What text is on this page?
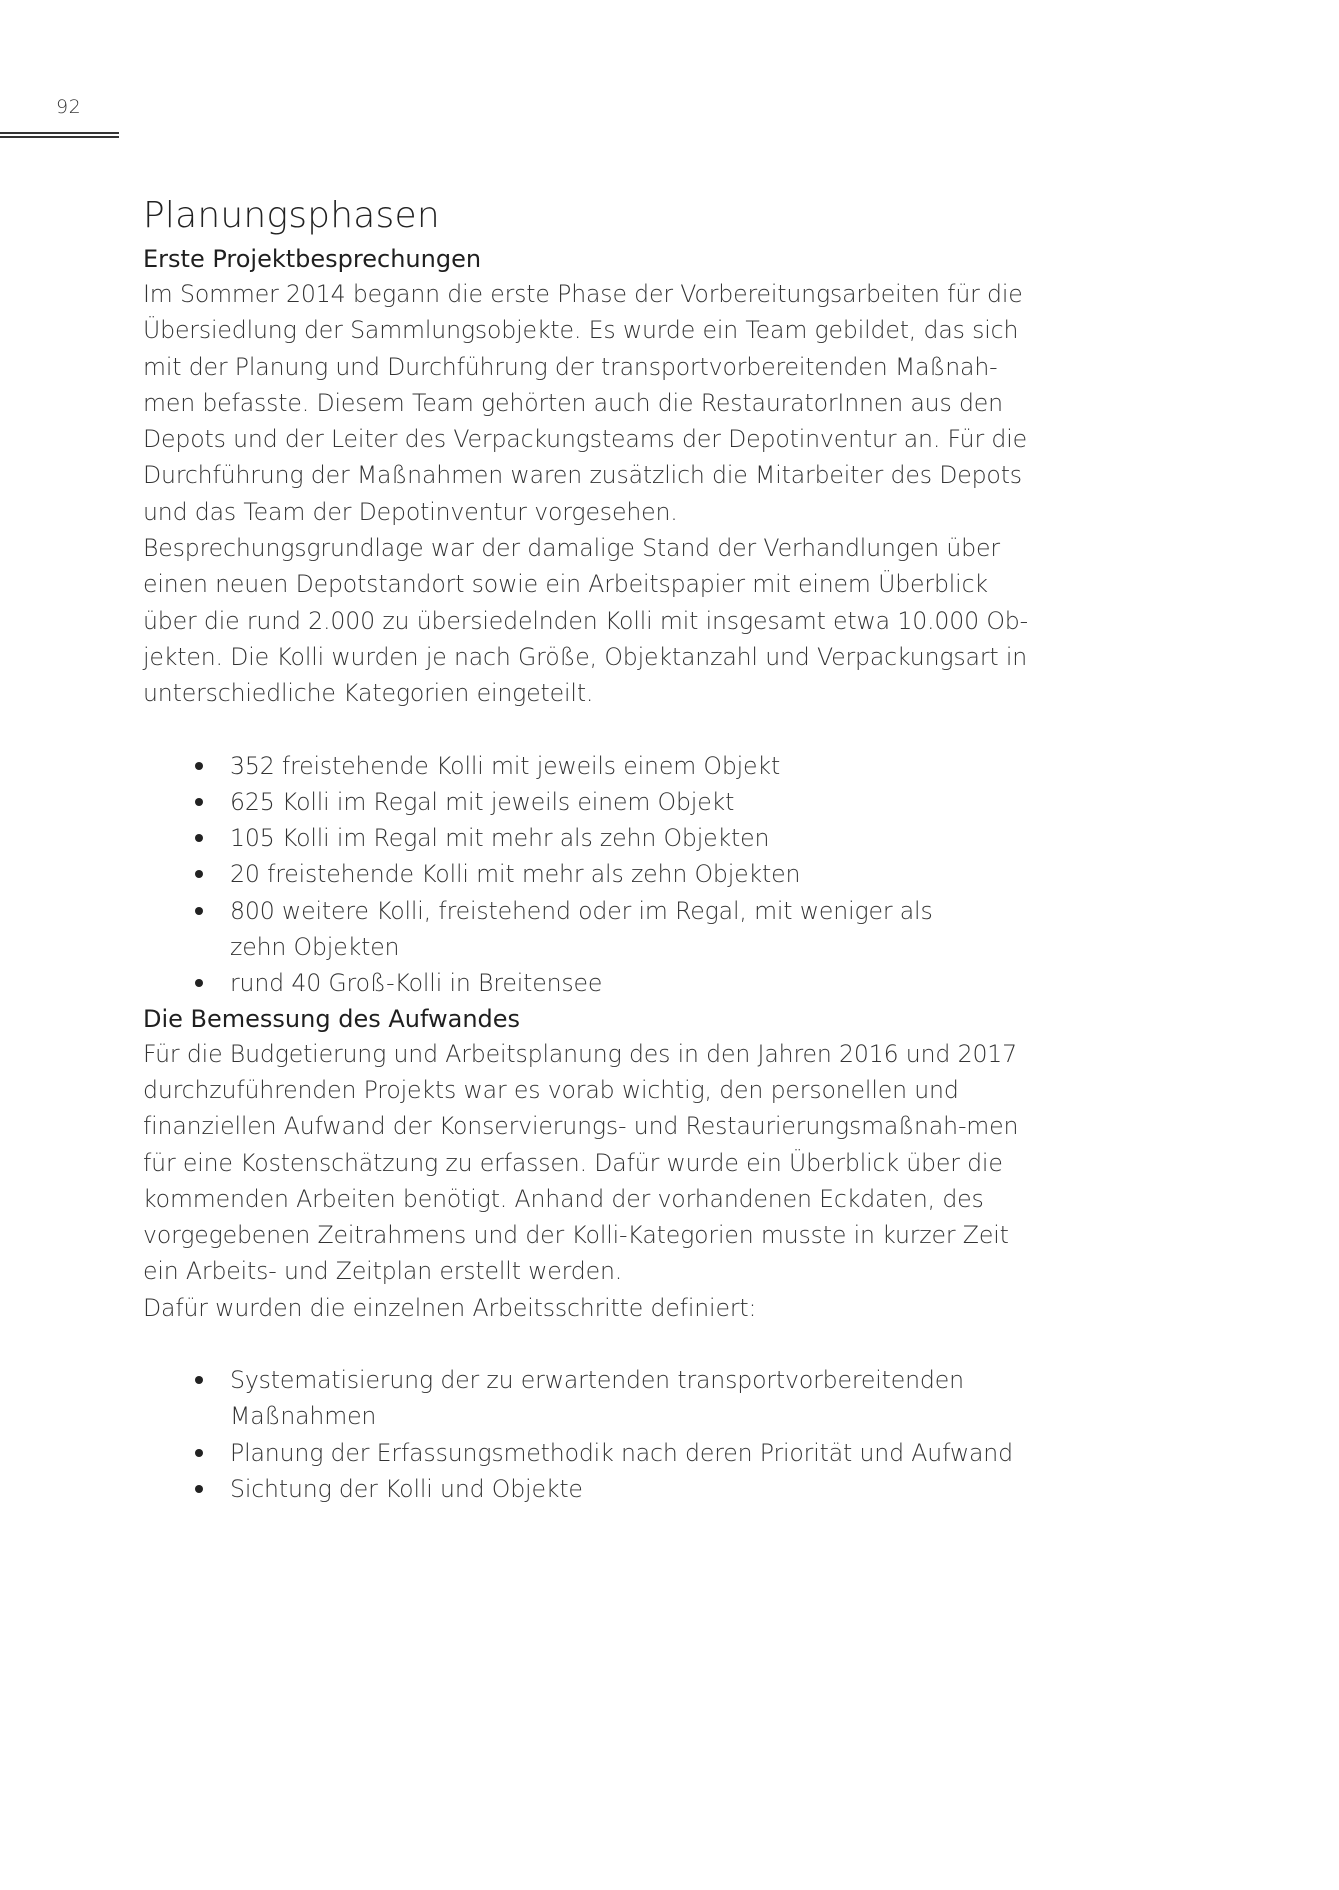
92
Planungsphasen
Erste Projektbesprechungen

Im Sommer 2014 begann die erste Phase der Vorbereitungsarbeiten für die Übersiedlung der Sammlungsobjekte. Es wurde ein Team gebildet, das sich mit der Planung und Durchführung der transportvorbereitenden Maßnah-men befasste. Diesem Team gehörten auch die RestauratorInnen aus den Depots und der Leiter des Verpackungsteams der Depotinventur an. Für die Durchführung der Maßnahmen waren zusätzlich die Mitarbeiter des Depots und das Team der Depotinventur vorgesehen.

Besprechungsgrundlage war der damalige Stand der Verhandlungen über einen neuen Depotstandort sowie ein Arbeitspapier mit einem Überblick über die rund 2.000 zu übersiedelnden Kolli mit insgesamt etwa 10.000 Ob-jekten. Die Kolli wurden je nach Größe, Objektanzahl und Verpackungsart in unterschiedliche Kategorien eingeteilt.

352 freistehende Kolli mit jeweils einem Objekt
625 Kolli im Regal mit jeweils einem Objekt
105 Kolli im Regal mit mehr als zehn Objekten
20 freistehende Kolli mit mehr als zehn Objekten
800 weitere Kolli, freistehend oder im Regal, mit weniger als zehn Objekten
rund 40 Groß-Kolli in Breitensee
Die Bemessung des Aufwandes

Für die Budgetierung und Arbeitsplanung des in den Jahren 2016 und 2017 durchzuführenden Projekts war es vorab wichtig, den personellen und finanziellen Aufwand der Konservierungs- und Restaurierungsmaßnah-men für eine Kostenschätzung zu erfassen. Dafür wurde ein Überblick über die kommenden Arbeiten benötigt. Anhand der vorhandenen Eckdaten, des vorgegebenen Zeitrahmens und der Kolli-Kategorien musste in kurzer Zeit ein Arbeits- und Zeitplan erstellt werden.

Dafür wurden die einzelnen Arbeitsschritte definiert:

Systematisierung der zu erwartenden transportvorbereitenden Maßnahmen
Planung der Erfassungsmethodik nach deren Priorität und Aufwand
Sichtung der Kolli und Objekte
